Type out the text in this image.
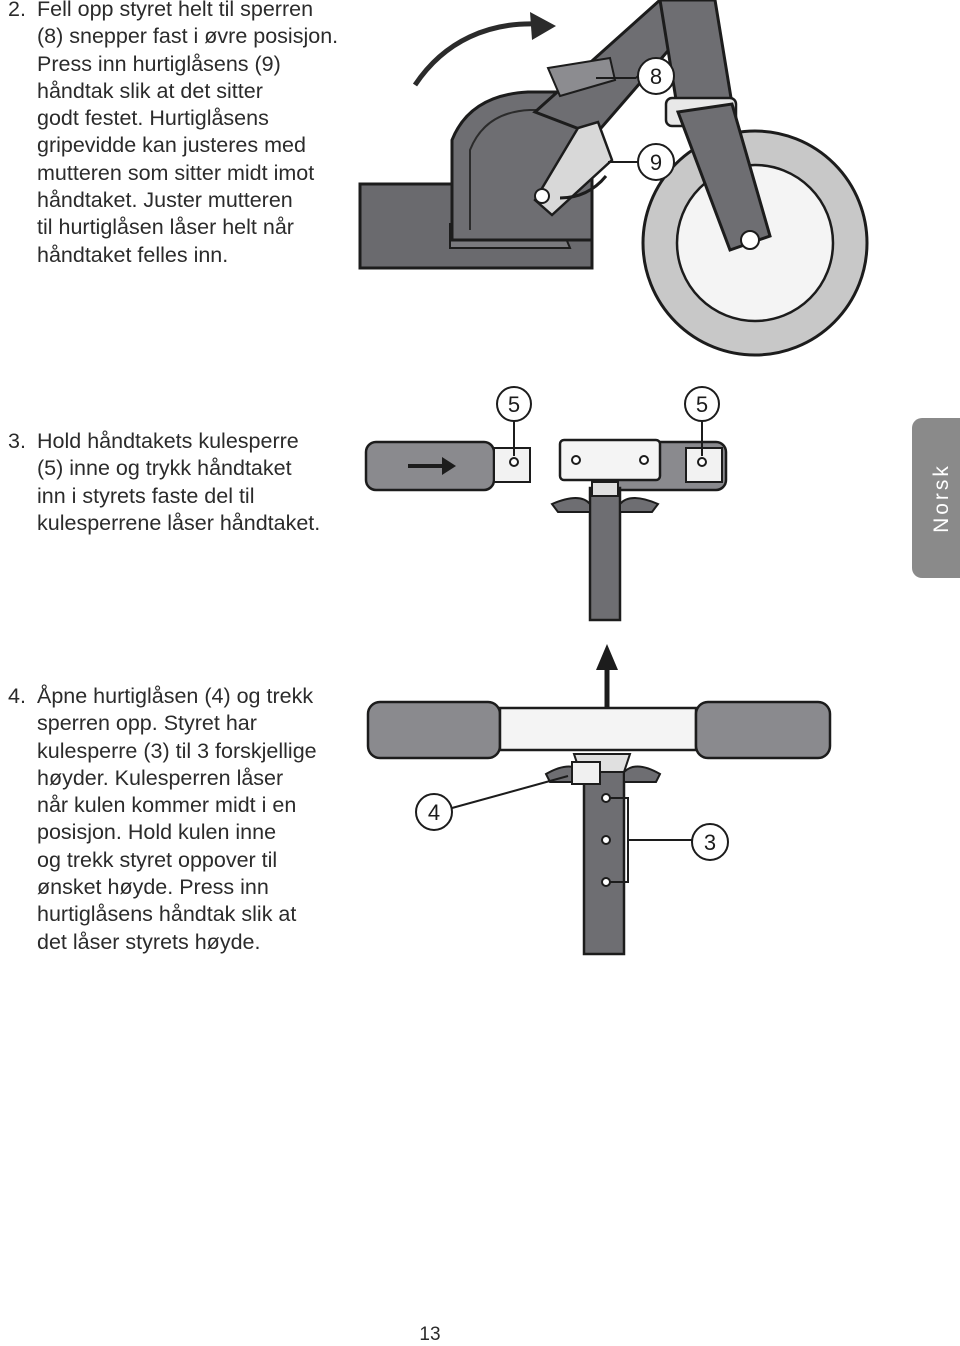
2. Fell opp styret helt til sperren
(8) snepper fast i øvre posisjon.
Press inn hurtiglåsens (9)
håndtak slik at det sitter
godt festet. Hurtiglåsens
gripevidde kan justeres med
mutteren som sitter midt imot
håndtaket. Juster mutteren
til hurtiglåsen låser helt når
håndtaket felles inn.
8
9
3. Hold håndtakets kulesperre
(5) inne og trykk håndtaket
inn i styrets faste del til
kulesperrene låser håndtaket.
5	5
4. Åpne hurtiglåsen (4) og trekk
sperren opp. Styret har
kulesperre (3) til 3 forskjellige
høyder. Kulesperren låser
når kulen kommer midt i en
posisjon. Hold kulen inne
og trekk styret oppover til
ønsket høyde. Press inn
hurtiglåsens håndtak slik at
det låser styrets høyde.
4
3
Norsk
13
